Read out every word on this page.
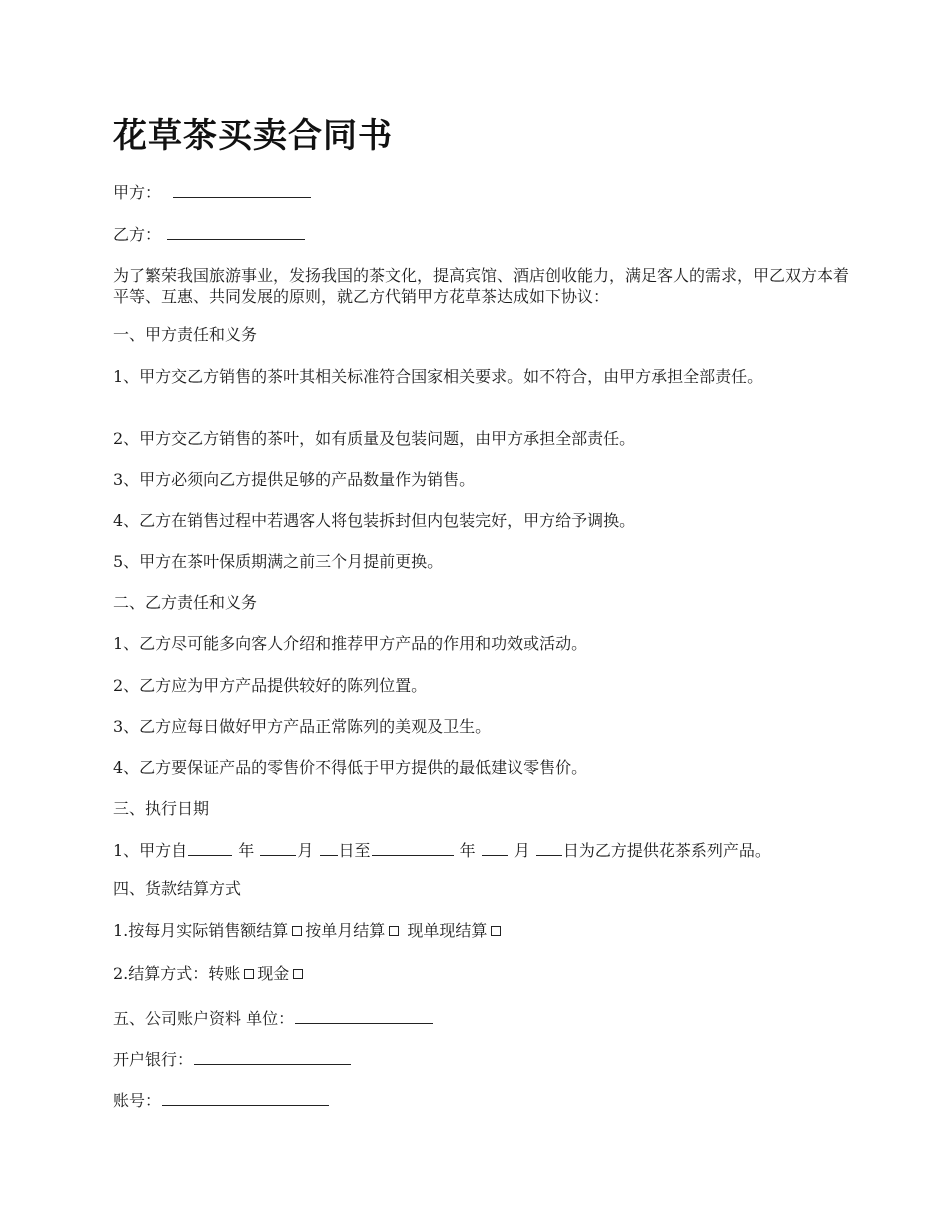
花草茶买卖合同书

甲方：

乙方：

为了繁荣我国旅游事业，发扬我国的茶文化，提高宾馆、酒店创收能力，满足客人的需求，甲乙双方本着平等、互惠、共同发展的原则，就乙方代销甲方花草茶达成如下协议：

一、甲方责任和义务

1、甲方交乙方销售的茶叶其相关标准符合国家相关要求。如不符合，由甲方承担全部责任。

2、甲方交乙方销售的茶叶，如有质量及包装问题，由甲方承担全部责任。

3、甲方必须向乙方提供足够的产品数量作为销售。

4、乙方在销售过程中若遇客人将包装拆封但内包装完好，甲方给予调换。

5、甲方在茶叶保质期满之前三个月提前更换。

二、乙方责任和义务

1、乙方尽可能多向客人介绍和推荐甲方产品的作用和功效或活动。

2、乙方应为甲方产品提供较好的陈列位置。

3、乙方应每日做好甲方产品正常陈列的美观及卫生。

4、乙方要保证产品的零售价不得低于甲方提供的最低建议零售价。

三、执行日期

1、甲方自	年	月 日至	年 月 日为乙方提供花茶系列产品。

四、货款结算方式

1.按每月实际销售额结算 按单月结算 现单现结算

2.结算方式：转账 现金

五、公司账户资料 单位：

开户银行：

账号：
